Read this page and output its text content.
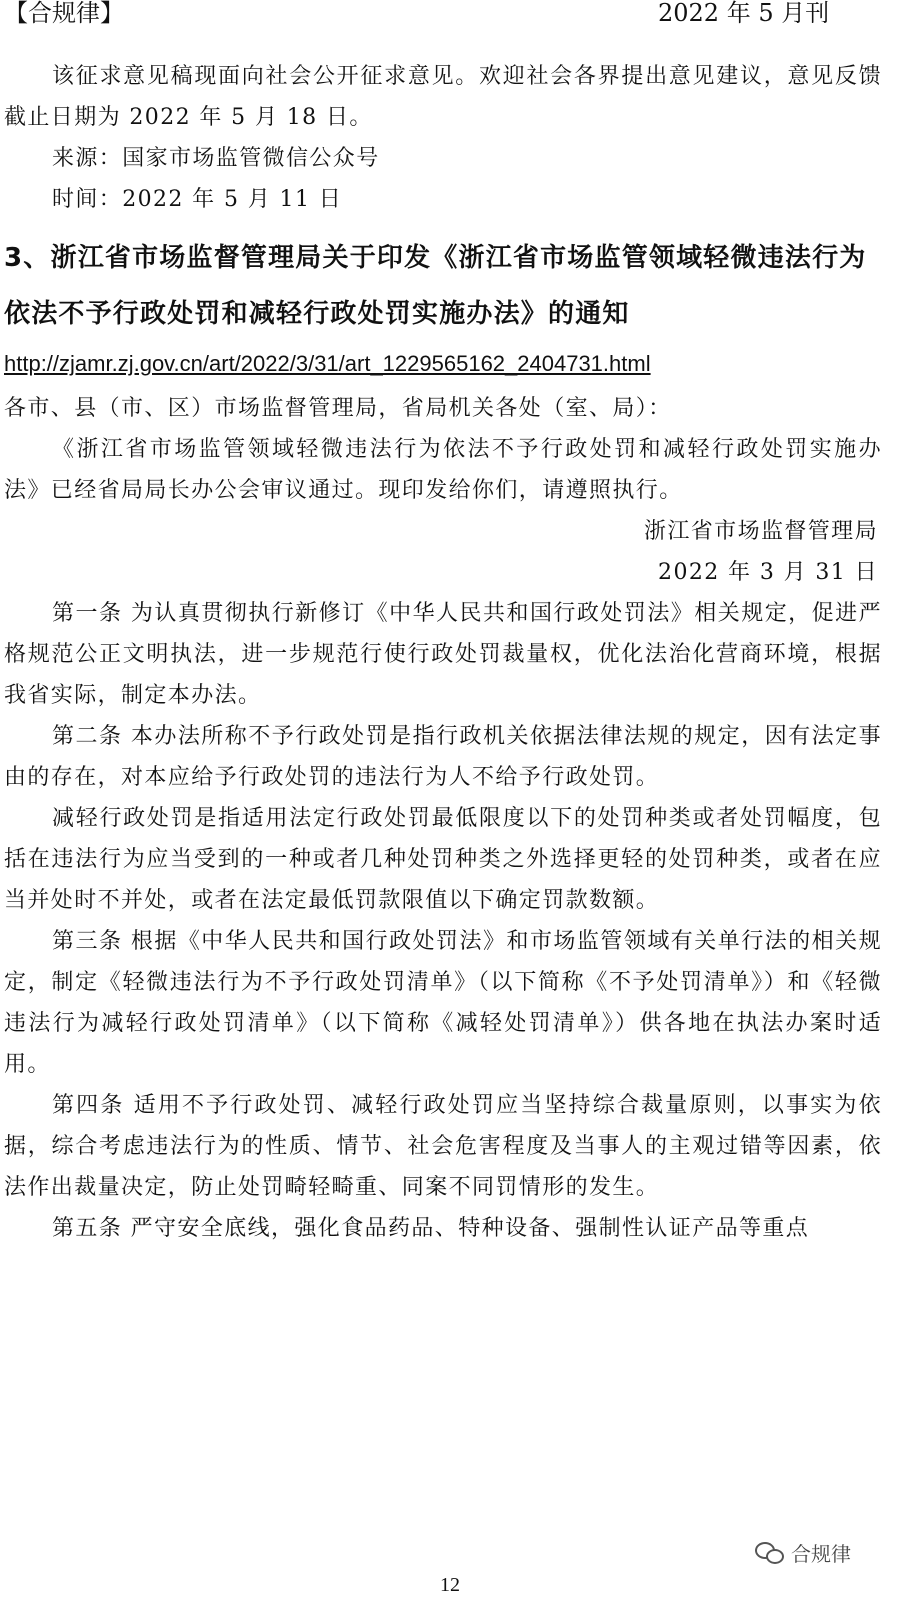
【合规律】	2022 年 5 月刊

该征求意见稿现面向社会公开征求意见。欢迎社会各界提出意见建议，意见反馈截止日期为 2022 年 5 月 18 日。

来源：国家市场监管微信公众号

时间：2022 年 5 月 11 日

3、浙江省市场监督管理局关于印发《浙江省市场监管领域轻微违法行为依法不予行政处罚和减轻行政处罚实施办法》的通知
http://zjamr.zj.gov.cn/art/2022/3/31/art_1229565162_2404731.html

各市、县（市、区）市场监督管理局，省局机关各处（室、局）：

《浙江省市场监管领域轻微违法行为依法不予行政处罚和减轻行政处罚实施办法》已经省局局长办公会审议通过。现印发给你们，请遵照执行。

浙江省市场监督管理局

2022 年 3 月 31 日

第一条 为认真贯彻执行新修订《中华人民共和国行政处罚法》相关规定，促进严格规范公正文明执法，进一步规范行使行政处罚裁量权，优化法治化营商环境，根据我省实际，制定本办法。

第二条 本办法所称不予行政处罚是指行政机关依据法律法规的规定，因有法定事由的存在，对本应给予行政处罚的违法行为人不给予行政处罚。

减轻行政处罚是指适用法定行政处罚最低限度以下的处罚种类或者处罚幅度，包括在违法行为应当受到的一种或者几种处罚种类之外选择更轻的处罚种类，或者在应当并处时不并处，或者在法定最低罚款限值以下确定罚款数额。

第三条 根据《中华人民共和国行政处罚法》和市场监管领域有关单行法的相关规定，制定《轻微违法行为不予行政处罚清单》（以下简称《不予处罚清单》）和《轻微违法行为减轻行政处罚清单》（以下简称《减轻处罚清单》）供各地在执法办案时适用。

第四条 适用不予行政处罚、减轻行政处罚应当坚持综合裁量原则，以事实为依据，综合考虑违法行为的性质、情节、社会危害程度及当事人的主观过错等因素，依法作出裁量决定，防止处罚畸轻畸重、同案不同罚情形的发生。

第五条 严守安全底线，强化食品药品、特种设备、强制性认证产品等重点

合规律
12
